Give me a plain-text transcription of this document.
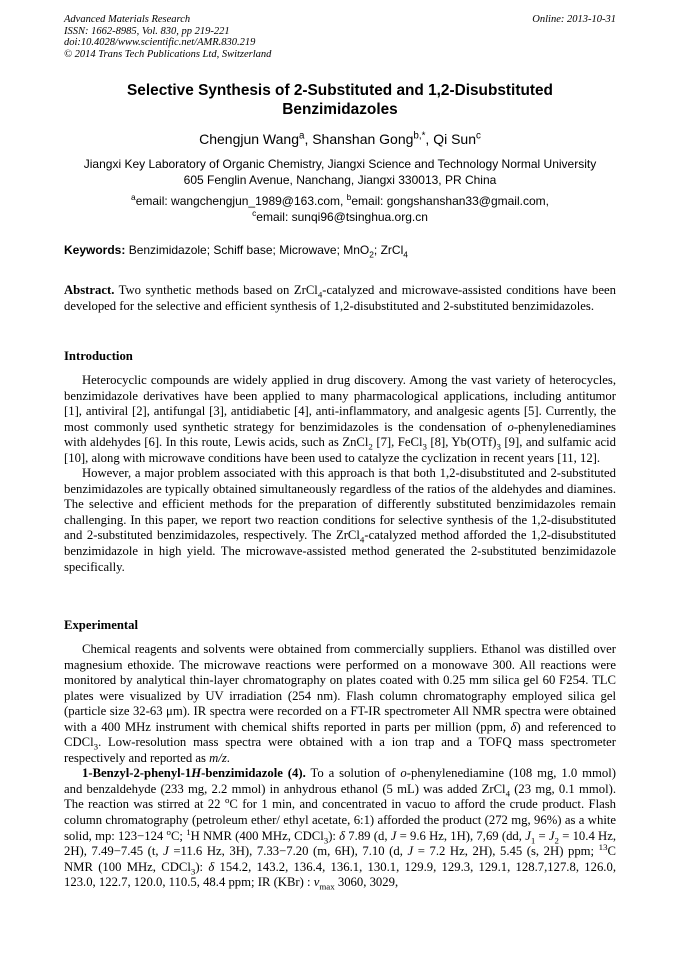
Advanced Materials Research
ISSN: 1662-8985, Vol. 830, pp 219-221
doi:10.4028/www.scientific.net/AMR.830.219
© 2014 Trans Tech Publications Ltd, Switzerland
Online: 2013-10-31
Selective Synthesis of 2-Substituted and 1,2-Disubstituted
Benzimidazoles
Chengjun Wang$^a$, Shanshan Gong$^{b,*}$, Qi Sun$^c$
Jiangxi Key Laboratory of Organic Chemistry, Jiangxi Science and Technology Normal University
605 Fenglin Avenue, Nanchang, Jiangxi 330013, PR China
$^a$email: wangchengjun_1989@163.com, $^b$email: gongshanshan33@gmail.com,
$^c$email: sunqi96@tsinghua.org.cn
Keywords: Benzimidazole; Schiff base; Microwave; MnO$_2$; ZrCl$_4$

Abstract. Two synthetic methods based on ZrCl$_4$-catalyzed and microwave-assisted conditions have been developed for the selective and efficient synthesis of 1,2-disubstituted and 2-substituted benzimidazoles.

Introduction

Heterocyclic compounds are widely applied in drug discovery. Among the vast variety of heterocycles, benzimidazole derivatives have been applied to many pharmacological applications, including antitumor [1], antiviral [2], antifungal [3], antidiabetic [4], anti-inflammatory, and analgesic agents [5]. Currently, the most commonly used synthetic strategy for benzimidazoles is the condensation of o-phenylenediamines with aldehydes [6]. In this route, Lewis acids, such as ZnCl$_2$ [7], FeCl$_3$ [8], $Yb(OTf)_3$ [9], and sulfamic acid [10], along with microwave conditions have been used to catalyze the cyclization in recent years [11, 12].

However, a major problem associated with this approach is that both 1,2-disubstituted and 2-substituted benzimidazoles are typically obtained simultaneously regardless of the ratios of the aldehydes and diamines. The selective and efficient methods for the preparation of differently substituted benzimidazoles remain challenging. In this paper, we report two reaction conditions for selective synthesis of the 1,2-disubstituted and 2-substituted benzimidazoles, respectively. The ZrCl$_4$-catalyzed method afforded the 1,2-disubstituted benzimidazole in high yield. The microwave-assisted method generated the 2-substituted benzimidazole specifically.

Experimental

Chemical reagents and solvents were obtained from commercially suppliers. Ethanol was distilled over magnesium ethoxide. The microwave reactions were performed on a monowave 300. All reactions were monitored by analytical thin-layer chromatography on plates coated with 0.25 mm silica gel 60 F254. TLC plates were visualized by UV irradiation (254 nm). Flash column chromatography employed silica gel (particle size 32-63 μm). IR spectra were recorded on a FT-IR spectrometer All NMR spectra were obtained with a 400 MHz instrument with chemical shifts reported in parts per million (ppm, δ) and referenced to CDCl$_3$. Low-resolution mass spectra were obtained with a ion trap and a TOFQ mass spectrometer respectively and reported as m/z.

1-Benzyl-2-phenyl-1H-benzimidazole (4). To a solution of o-phenylenediamine (108 mg, 1.0 mmol) and benzaldehyde (233 mg, 2.2 mmol) in anhydrous ethanol (5 mL) was added ZrCl$_4$ (23 mg, 0.1 mmol). The reaction was stirred at 22 $^o$C for 1 min, and concentrated in vacuo to afford the crude product. Flash column chromatography (petroleum ether/ ethyl acetate, 6:1) afforded the product (272 mg, 96%) as a white solid, mp: 123−124 $^o$C; $^1$H NMR (400 MHz, CDCl$_3$): δ 7.89 (d, J = 9.6 Hz, 1H), 7,69 (dd, $J_1 = J_2 = 10.4$ Hz, 2H), 7.49−7.45 (t, J =11.6 Hz, 3H), 7.33−7.20 (m, 6H), 7.10 (d, J = 7.2 Hz, 2H), 5.45 (s, 2H) ppm; $^{13}$C NMR (100 MHz, CDCl$_3$): δ 154.2, 143.2, 136.4, 136.1, 130.1, 129.9, 129.3, 129.1, 128.7,127.8, 126.0, 123.0, 122.7, 120.0, 110.5, 48.4 ppm; IR (KBr) : $\nu_{max}$ 3060, 3029,
